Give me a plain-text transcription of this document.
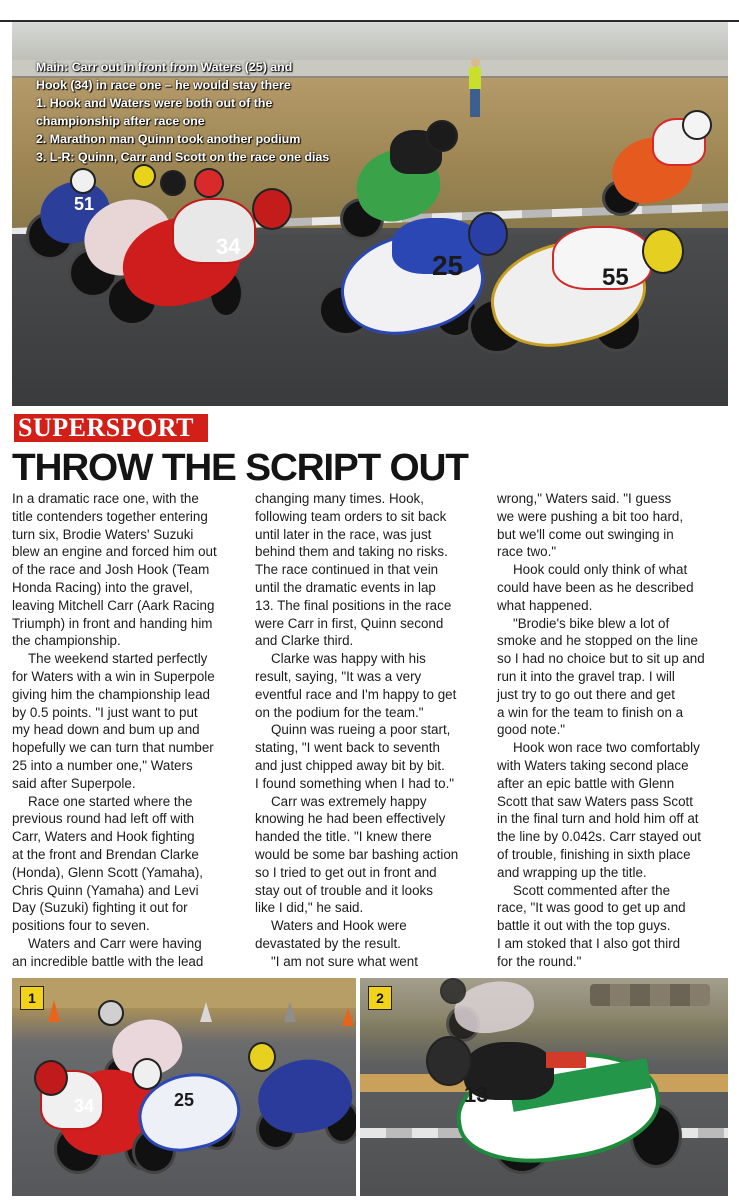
51
34
25	55
Main: Carr out in front from Waters (25) and
Hook (34) in race one – he would stay there
1. Hook and Waters were both out of the
championship after race one
2. Marathon man Quinn took another podium
3. L-R: Quinn, Carr and Scott on the race one dias
SUPERSPORT
THROW THE SCRIPT OUT
In a dramatic race one, with the
title contenders together entering
turn six, Brodie Waters' Suzuki
blew an engine and forced him out
of the race and Josh Hook (Team
Honda Racing) into the gravel,
leaving Mitchell Carr (Aark Racing
Triumph) in front and handing him
the championship.
The weekend started perfectly
for Waters with a win in Superpole
giving him the championship lead
by 0.5 points. "I just want to put
my head down and bum up and
hopefully we can turn that number
25 into a number one," Waters
said after Superpole.
Race one started where the
previous round had left off with
Carr, Waters and Hook fighting
at the front and Brendan Clarke
(Honda), Glenn Scott (Yamaha),
Chris Quinn (Yamaha) and Levi
Day (Suzuki) fighting it out for
positions four to seven.
Waters and Carr were having
an incredible battle with the lead
changing many times. Hook,
following team orders to sit back
until later in the race, was just
behind them and taking no risks.
The race continued in that vein
until the dramatic events in lap
13. The final positions in the race
were Carr in first, Quinn second
and Clarke third.
Clarke was happy with his
result, saying, "It was a very
eventful race and I'm happy to get
on the podium for the team."
Quinn was rueing a poor start,
stating, "I went back to seventh
and just chipped away bit by bit.
I found something when I had to."
Carr was extremely happy
knowing he had been effectively
handed the title. "I knew there
would be some bar bashing action
so I tried to get out in front and
stay out of trouble and it looks
like I did," he said.
Waters and Hook were
devastated by the result.
"I am not sure what went
wrong," Waters said. "I guess
we were pushing a bit too hard,
but we'll come out swinging in
race two."
Hook could only think of what
could have been as he described
what happened.
"Brodie's bike blew a lot of
smoke and he stopped on the line
so I had no choice but to sit up and
run it into the gravel trap. I will
just try to go out there and get
a win for the team to finish on a
good note."
Hook won race two comfortably
with Waters taking second place
after an epic battle with Glenn
Scott that saw Waters pass Scott
in the final turn and hold him off at
the line by 0.042s. Carr stayed out
of trouble, finishing in sixth place
and wrapping up the title.
Scott commented after the
race, "It was good to get up and
battle it out with the top guys.
I am stoked that I also got third
for the round."
34	25
1
13
2
